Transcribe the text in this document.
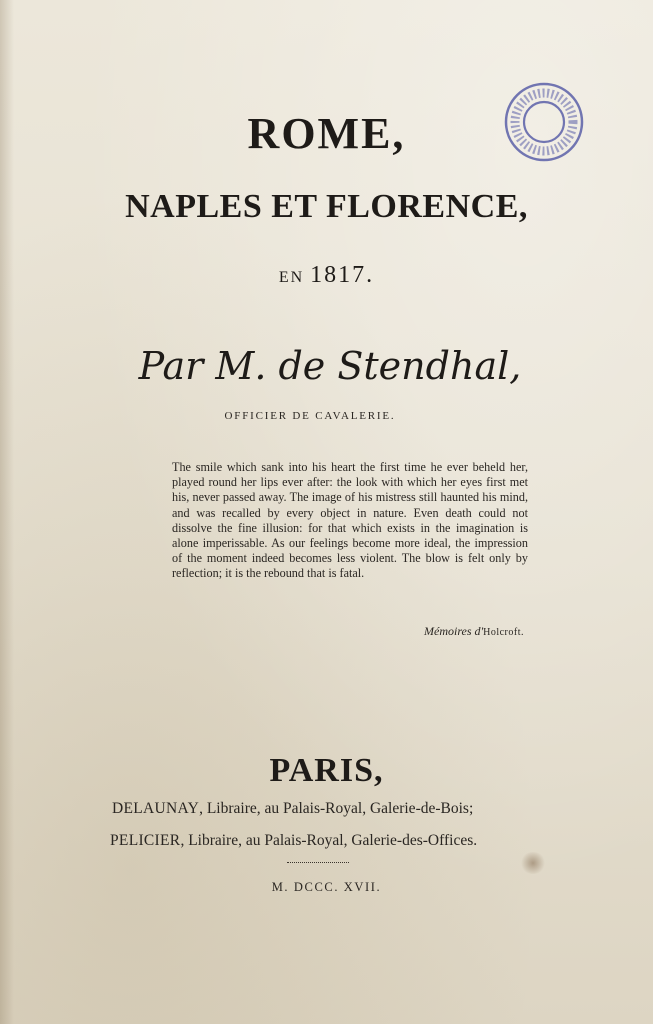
ROME,
NAPLES ET FLORENCE,
EN 1817.
Par M. de Stendhal,
OFFICIER DE CAVALERIE.
The smile which sank into his heart the first time he ever beheld her, played round her lips ever after: the look with which her eyes first met his, never passed away. The image of his mistress still haunted his mind, and was recalled by every object in nature. Even death could not dissolve the fine illusion: for that which exists in the imagination is alone imperissable. As our feelings become more ideal, the impression of the moment indeed becomes less violent. The blow is felt only by reflection; it is the rebound that is fatal.
Mémoires d'Holcroft.
PARIS,
DELAUNAY, Libraire, au Palais-Royal, Galerie-de-Bois;
PELICIER, Libraire, au Palais-Royal, Galerie-des-Offices.
M. DCCC. XVII.
